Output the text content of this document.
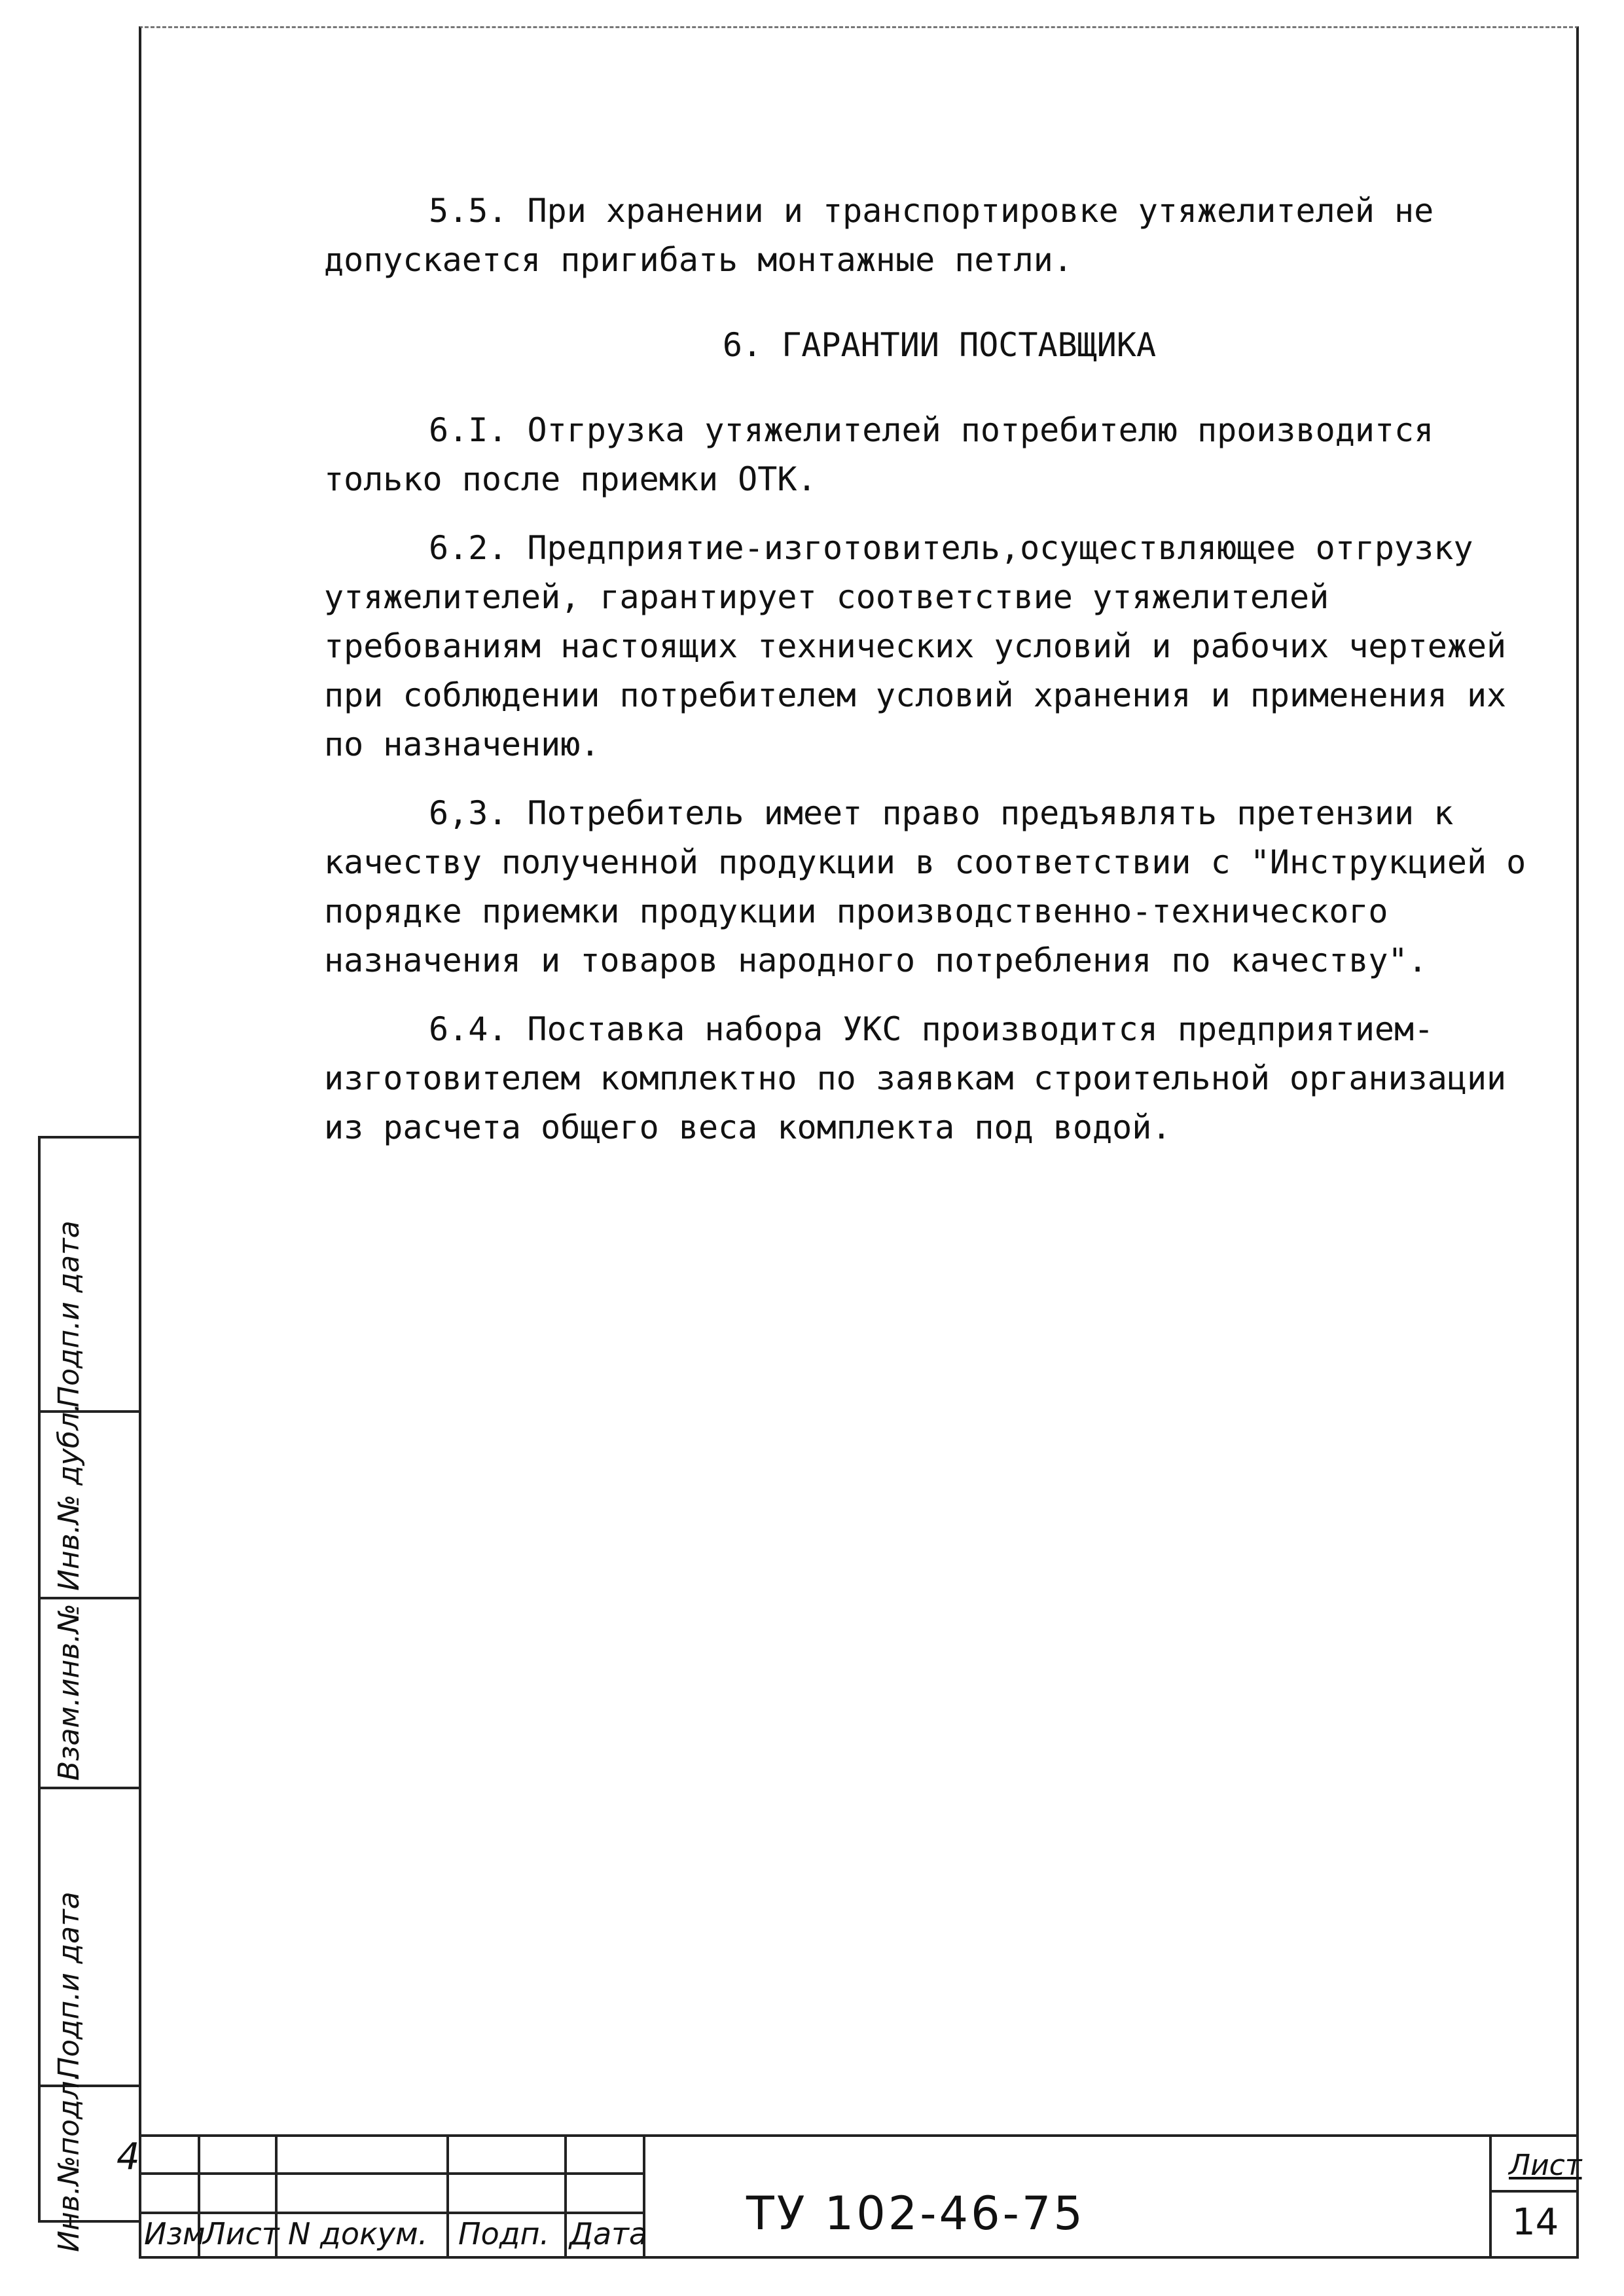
5.5. При хранении и транспортировке утяжелителей не допускается пригибать монтажные петли.

6. ГАРАНТИИ ПОСТАВЩИКА

6.I. Отгрузка утяжелителей потребителю производится только после приемки ОТК.

6.2. Предприятие-изготовитель,осуществляющее отгрузку утяжелителей, гарантирует соответствие утяжелителей требованиям настоящих технических условий и рабочих чертежей при соблюдении потребителем условий хранения и применения их по назначению.

6,3. Потребитель имеет право предъявлять претензии к качеству полученной продукции в соответствии с "Инструкцией о порядке приемки продукции производственно-технического назначения и товаров народного потребления по качеству".

6.4. Поставка набора УКС производится предприятием-изготовителем комплектно по заявкам строительной организации из расчета общего веса комплекта под водой.

Подп.и дата
Инв.№ дубл.
Взам.инв.№
Подп.и дата
Инв.№подл. 4
Изм
Лист N докум. Подп. Дата ТУ 102-46-75
Лист
14
